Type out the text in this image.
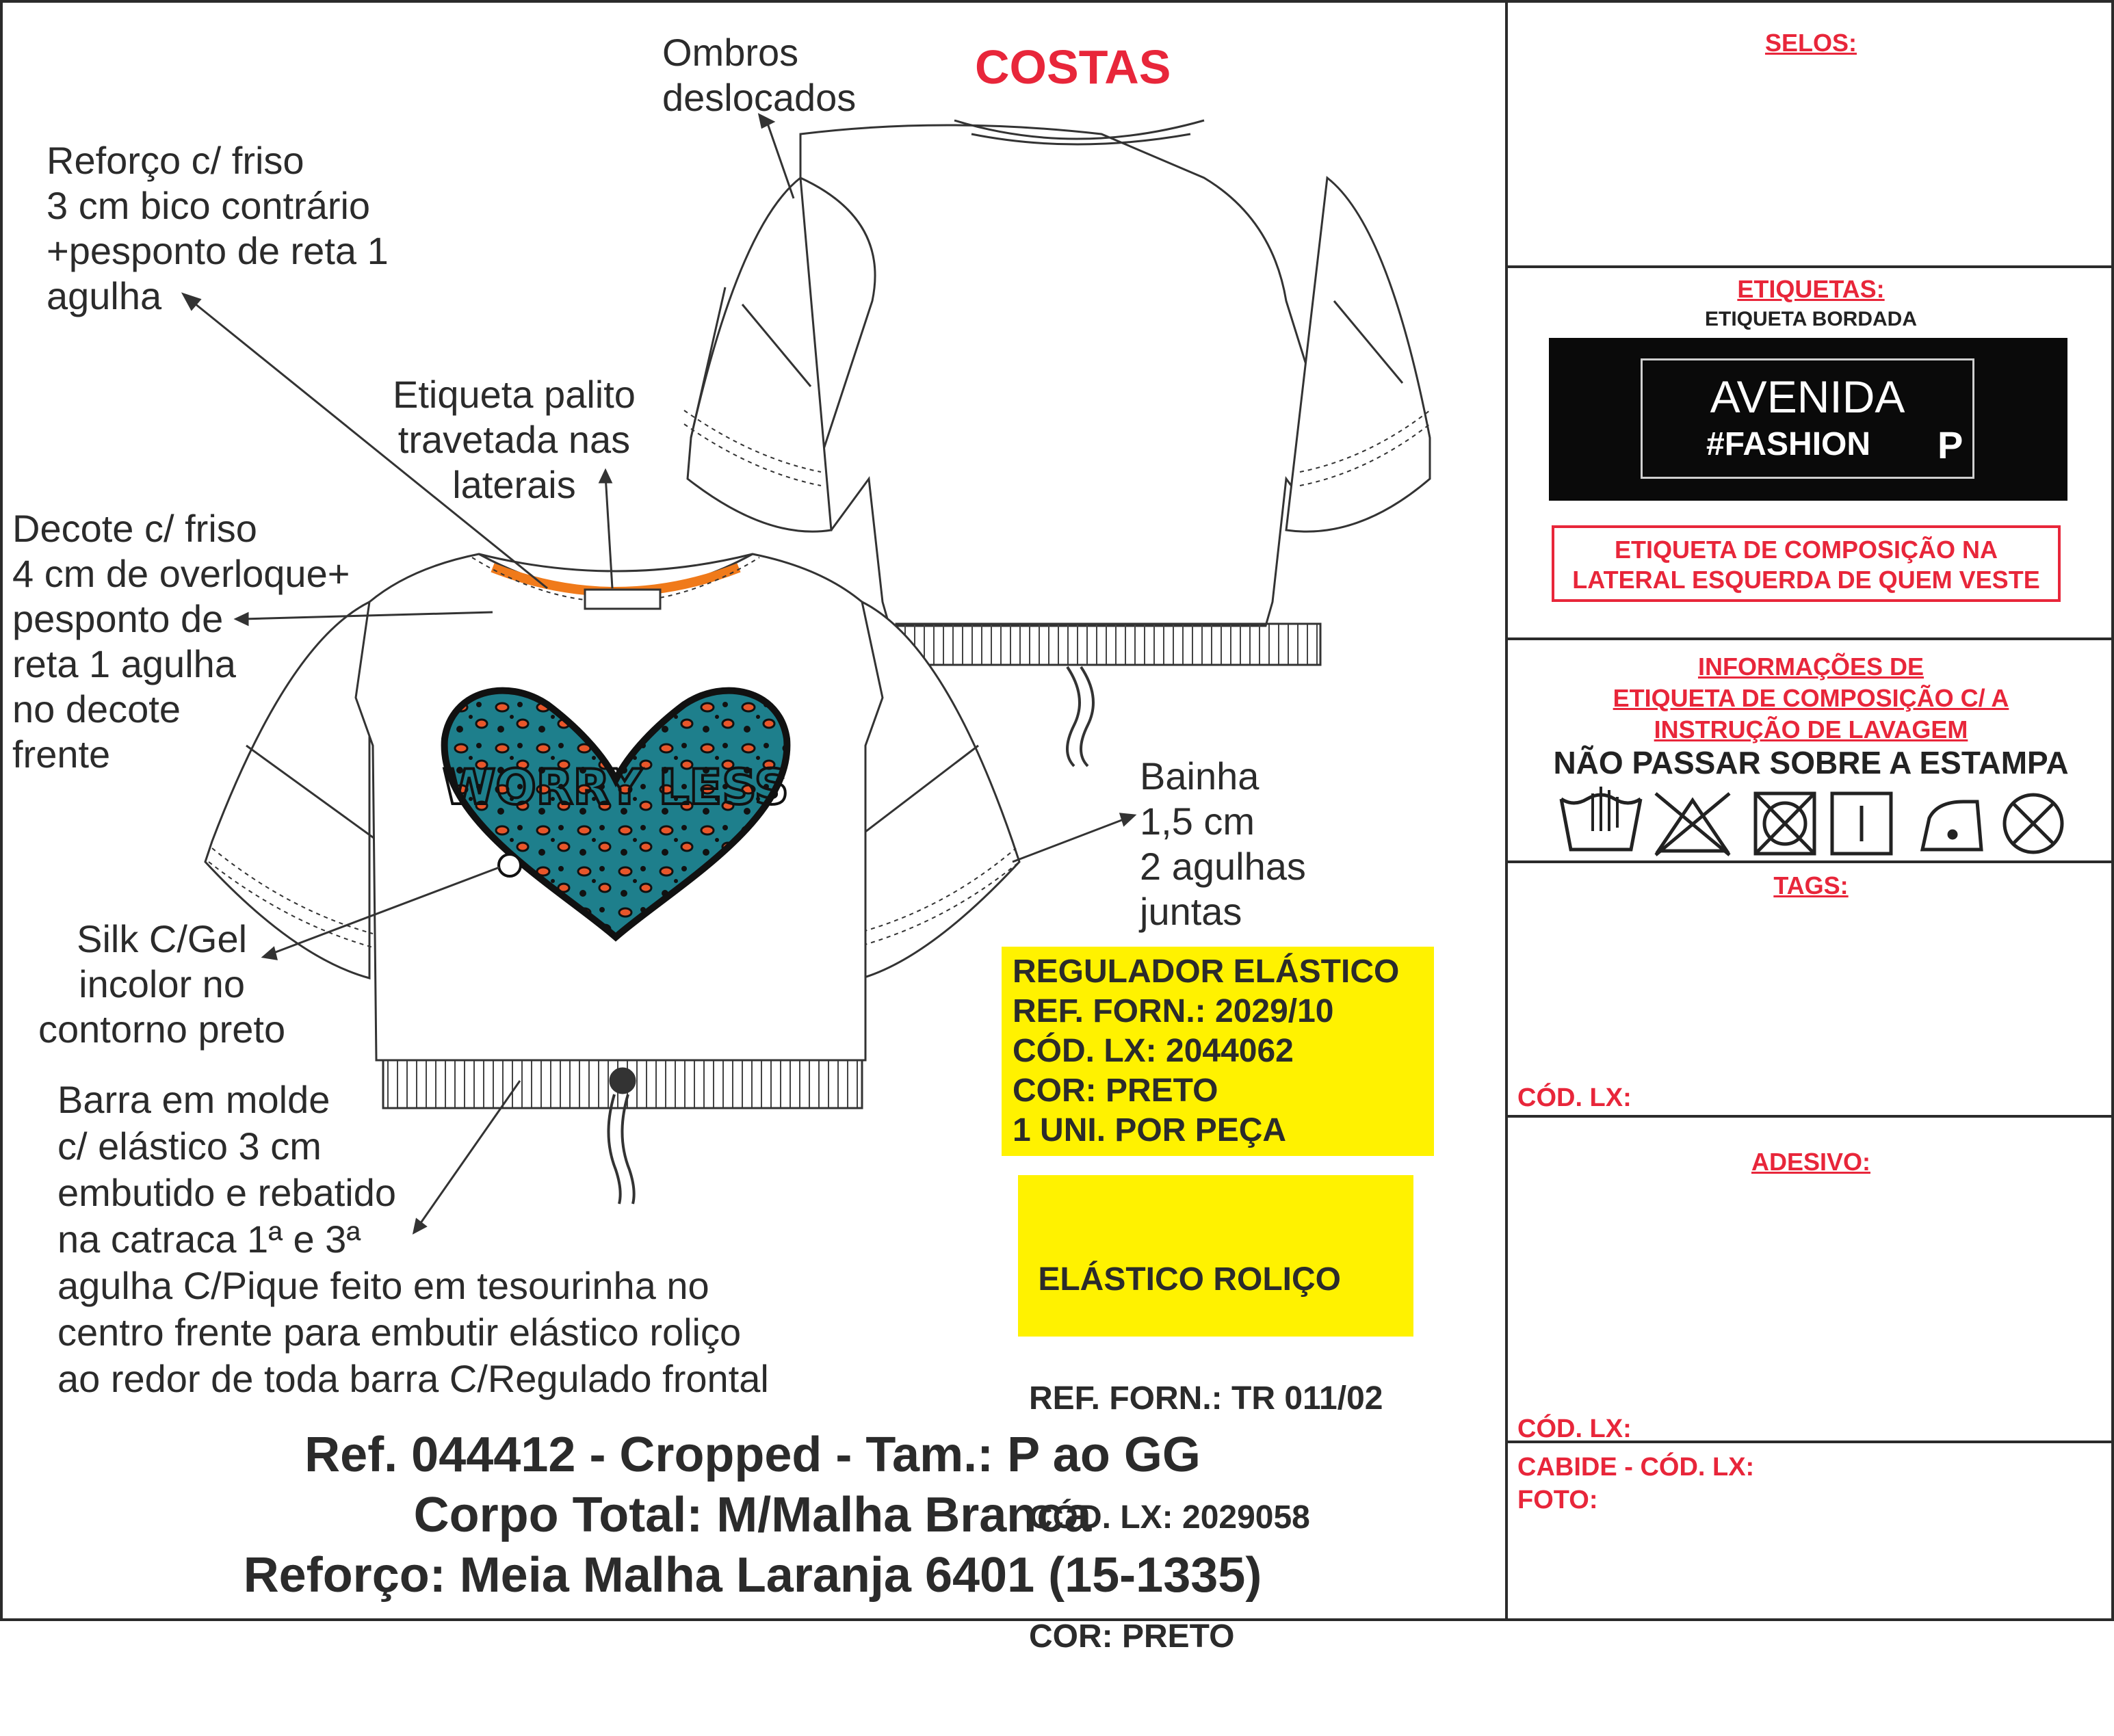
WORRY LESS
COSTAS
Ombros
deslocados
Reforço c/ friso
3 cm bico contrário
+pesponto de reta 1
agulha
Etiqueta palito
travetada nas
laterais
Decote c/ friso
4 cm de overloque+
pesponto de
reta 1 agulha
no decote
frente
Bainha
1,5 cm
2 agulhas
juntas
Silk C/Gel
incolor no
contorno preto
Barra em molde
c/ elástico 3 cm
embutido e rebatido
na catraca 1ª e 3ª
agulha C/Pique feito em tesourinha no
centro frente para embutir elástico roliço
ao redor de toda barra C/Regulado frontal
REGULADOR ELÁSTICO
REF. FORN.: 2029/10
CÓD. LX: 2044062
COR: PRETO
1 UNI. POR PEÇA

ELÁSTICO ROLIÇO

REF. FORN.: TR 011/02

CÓD. LX: 2029058

COR: PRETO

Ref. 044412 - Cropped - Tam.: P ao GG
Corpo Total: M/Malha Branca
Reforço: Meia Malha Laranja 6401 (15-1335)
SELOS:
ETIQUETAS:
ETIQUETA BORDADA
AVENIDA
#FASHION P
ETIQUETA DE COMPOSIÇÃO NA
LATERAL ESQUERDA DE QUEM VESTE
INFORMAÇÕES DE
ETIQUETA DE COMPOSIÇÃO C/ A
INSTRUÇÃO DE LAVAGEM
NÃO PASSAR SOBRE A ESTAMPA
TAGS:
CÓD. LX:
ADESIVO:
CÓD. LX:
CABIDE - CÓD. LX:
FOTO:
